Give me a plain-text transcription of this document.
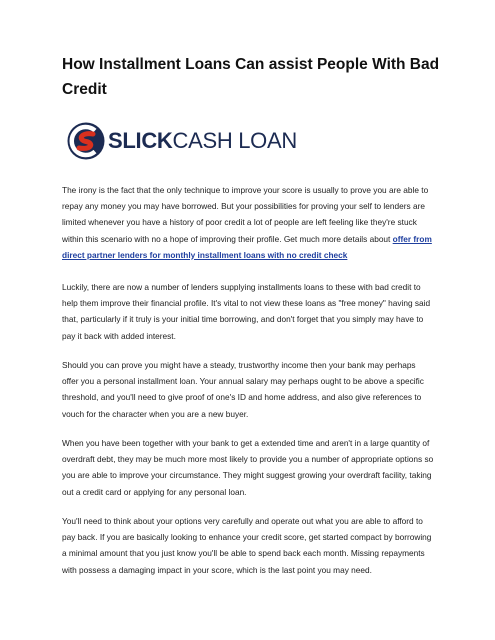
How Installment Loans Can assist People With Bad Credit
SLICKCASH LOAN
The irony is the fact that the only technique to improve your score is usually to prove you are able to repay any money you may have borrowed. But your possibilities for proving your self to lenders are limited whenever you have a history of poor credit a lot of people are left feeling like they're stuck within this scenario with no a hope of improving their profile. Get much more details about offer from direct partner lenders for monthly installment loans with no credit check
Luckily, there are now a number of lenders supplying installments loans to these with bad credit to help them improve their financial profile. It's vital to not view these loans as "free money" having said that, particularly if it truly is your initial time borrowing, and don't forget that you simply may have to pay it back with added interest.
Should you can prove you might have a steady, trustworthy income then your bank may perhaps offer you a personal installment loan. Your annual salary may perhaps ought to be above a specific threshold, and you'll need to give proof of one's ID and home address, and also give references to vouch for the character when you are a new buyer.
When you have been together with your bank to get a extended time and aren't in a large quantity of overdraft debt, they may be much more most likely to provide you a number of appropriate options so you are able to improve your circumstance. They might suggest growing your overdraft facility, taking out a credit card or applying for any personal loan.
You'll need to think about your options very carefully and operate out what you are able to afford to pay back. If you are basically looking to enhance your credit score, get started compact by borrowing a minimal amount that you just know you'll be able to spend back each month. Missing repayments with possess a damaging impact in your score, which is the last point you may need.
